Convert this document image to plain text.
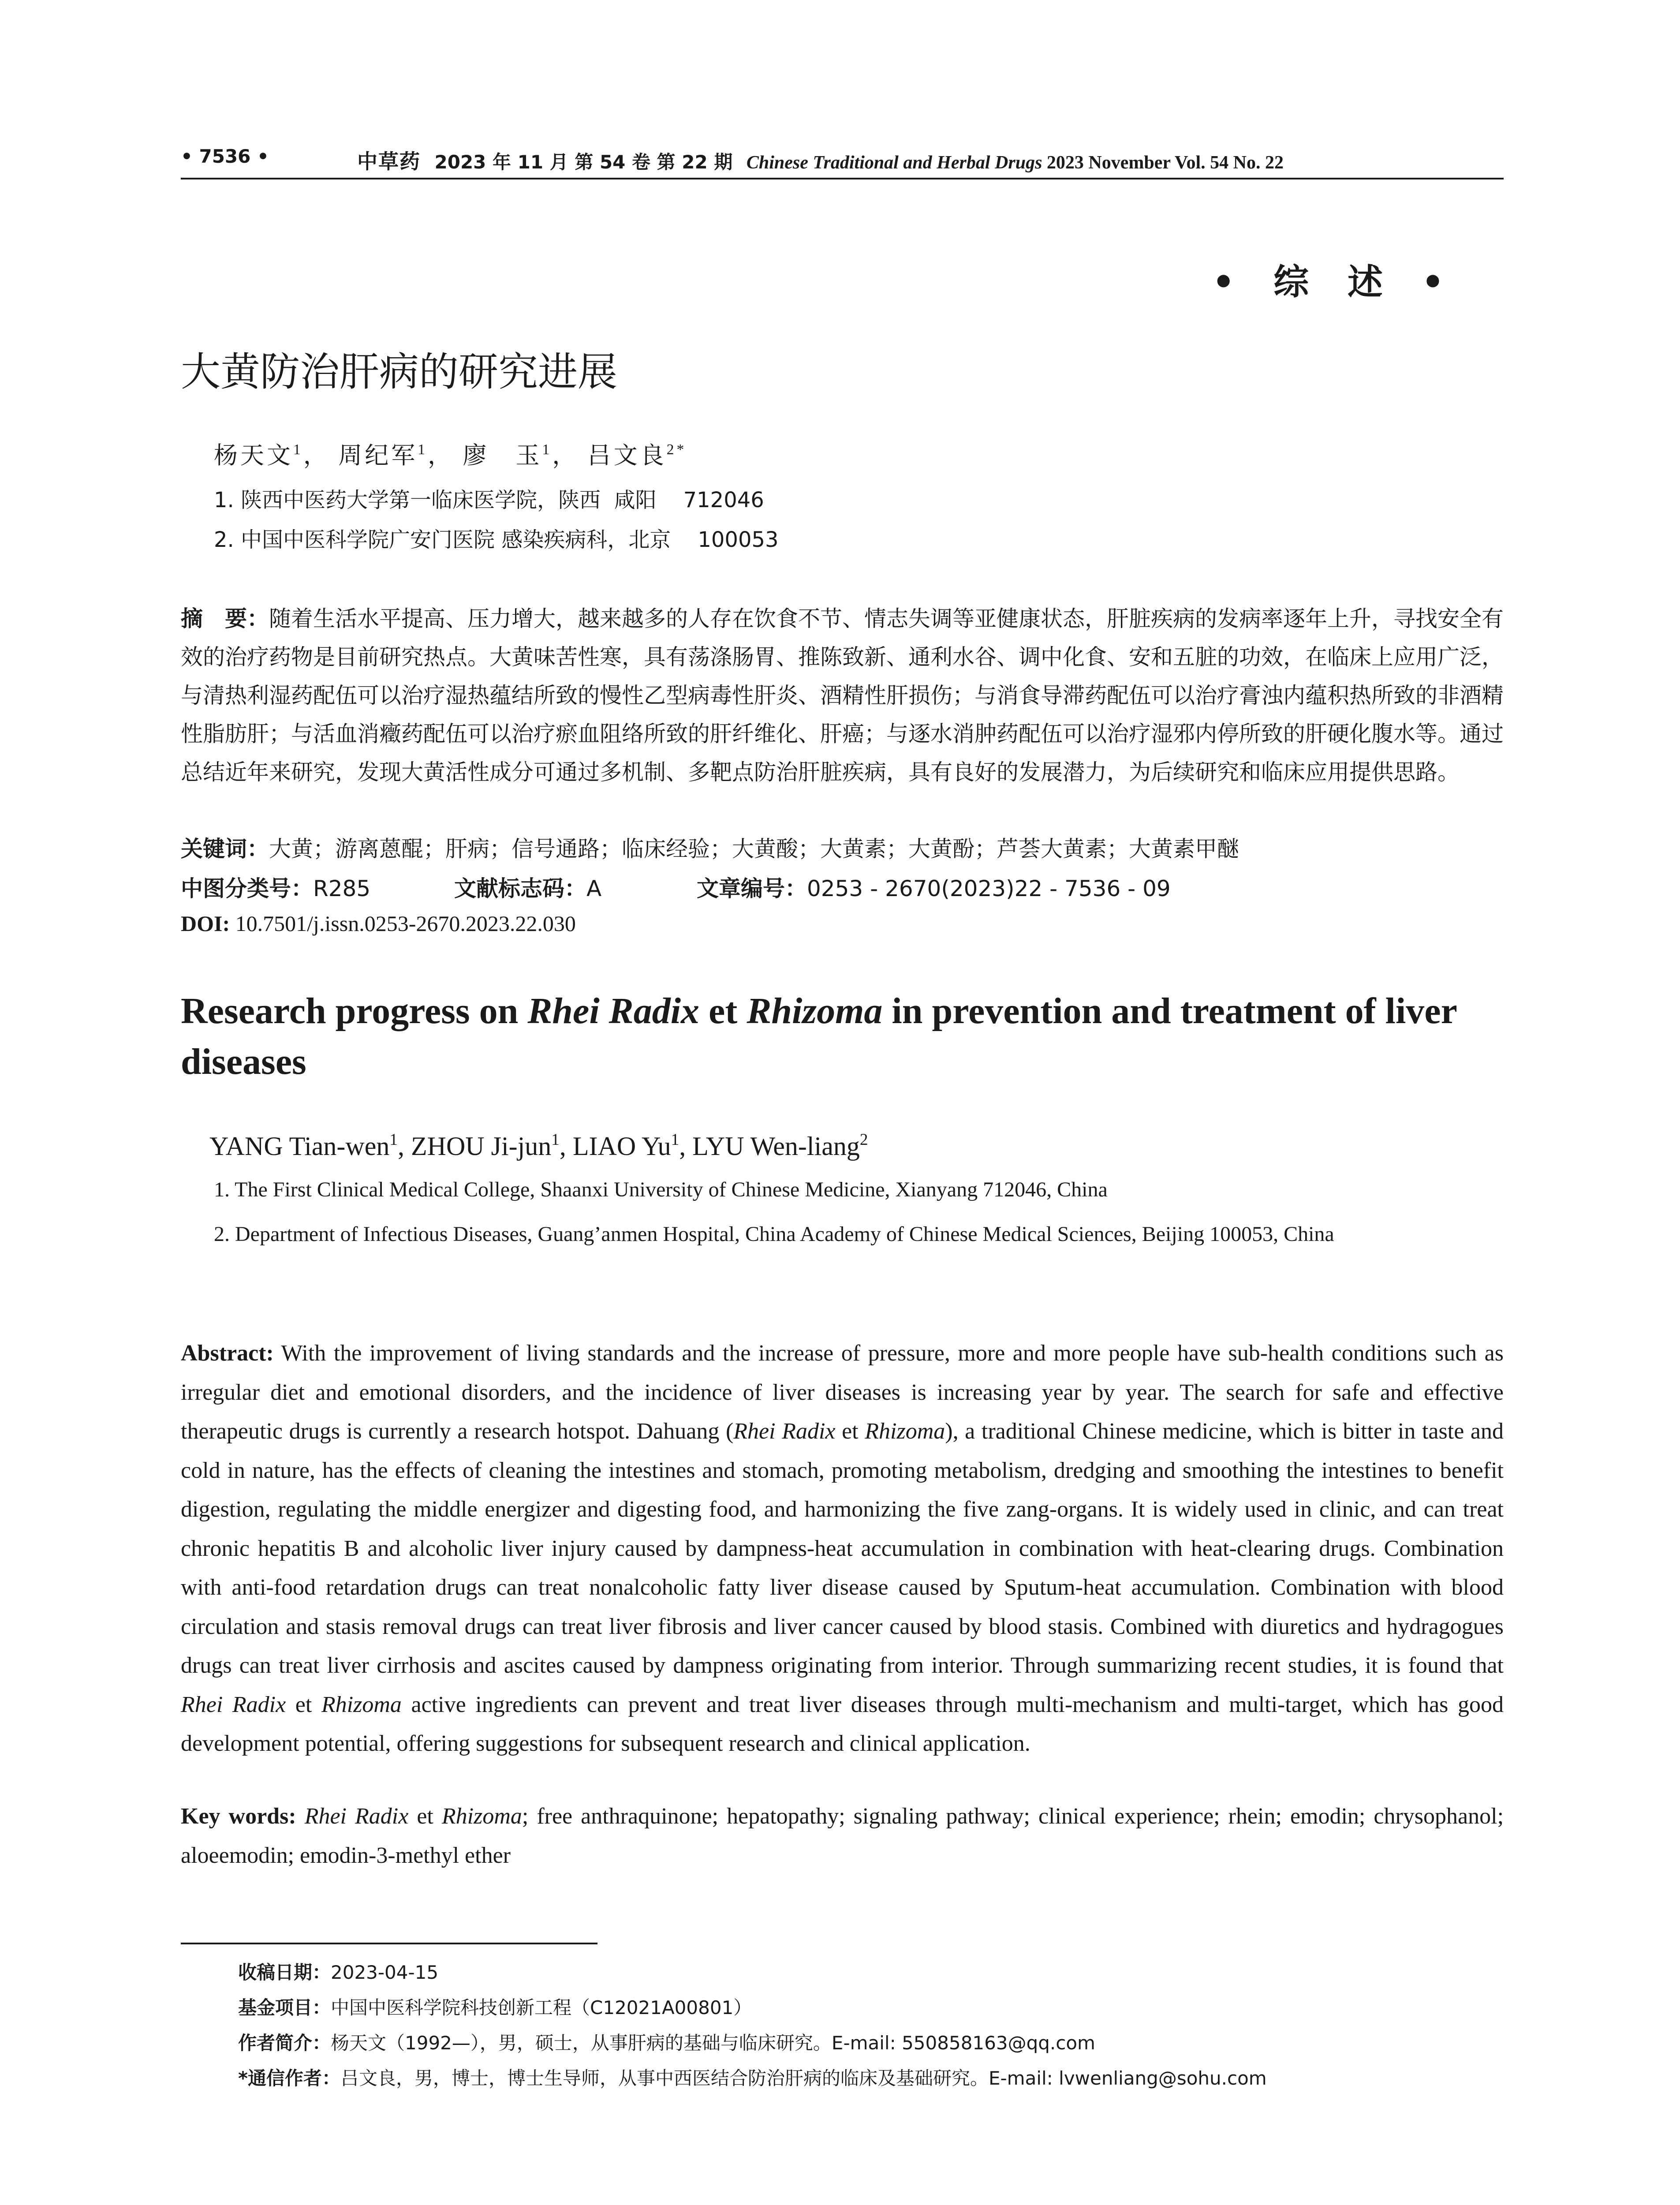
• 7536 •	中草药 2023 年 11 月 第 54 卷 第 22 期 Chinese Traditional and Herbal Drugs 2023 November Vol. 54 No. 22
• 综 述 •
大黄防治肝病的研究进展
杨天文$^1$， 周纪军$^1$， 廖　玉$^1$， 吕文良$^{2*}$
1. 陕西中医药大学第一临床医学院，陕西  咸阳    712046
2. 中国中医科学院广安门医院 感染疾病科，北京    100053
摘　要：随着生活水平提高、压力增大，越来越多的人存在饮食不节、情志失调等亚健康状态，肝脏疾病的发病率逐年上升，寻找安全有效的治疗药物是目前研究热点。大黄味苦性寒，具有荡涤肠胃、推陈致新、通利水谷、调中化食、安和五脏的功效，在临床上应用广泛，与清热利湿药配伍可以治疗湿热蕴结所致的慢性乙型病毒性肝炎、酒精性肝损伤；与消食导滞药配伍可以治疗膏浊内蕴积热所致的非酒精性脂肪肝；与活血消癥药配伍可以治疗瘀血阻络所致的肝纤维化、肝癌；与逐水消肿药配伍可以治疗湿邪内停所致的肝硬化腹水等。通过总结近年来研究，发现大黄活性成分可通过多机制、多靶点防治肝脏疾病，具有良好的发展潜力，为后续研究和临床应用提供思路。
关键词：大黄；游离蒽醌；肝病；信号通路；临床经验；大黄酸；大黄素；大黄酚；芦荟大黄素；大黄素甲醚
中图分类号：R285	文献标志码：A	文章编号：0253 - 2670(2023)22 - 7536 - 09
DOI: 10.7501/j.issn.0253-2670.2023.22.030
Research progress on Rhei Radix et Rhizoma in prevention and treatment of liver diseases
YANG Tian-wen$^1$, ZHOU Ji-jun$^1$, LIAO Yu$^1$, LYU Wen-liang$^2$
1. The First Clinical Medical College, Shaanxi University of Chinese Medicine, Xianyang 712046, China
2. Department of Infectious Diseases, Guang’anmen Hospital, China Academy of Chinese Medical Sciences, Beijing 100053, China
Abstract: With the improvement of living standards and the increase of pressure, more and more people have sub-health conditions such as irregular diet and emotional disorders, and the incidence of liver diseases is increasing year by year. The search for safe and effective therapeutic drugs is currently a research hotspot. Dahuang (Rhei Radix et Rhizoma), a traditional Chinese medicine, which is bitter in taste and cold in nature, has the effects of cleaning the intestines and stomach, promoting metabolism, dredging and smoothing the intestines to benefit digestion, regulating the middle energizer and digesting food, and harmonizing the five zang-organs. It is widely used in clinic, and can treat chronic hepatitis B and alcoholic liver injury caused by dampness-heat accumulation in combination with heat-clearing drugs. Combination with anti-food retardation drugs can treat nonalcoholic fatty liver disease caused by Sputum-heat accumulation. Combination with blood circulation and stasis removal drugs can treat liver fibrosis and liver cancer caused by blood stasis. Combined with diuretics and hydragogues drugs can treat liver cirrhosis and ascites caused by dampness originating from interior. Through summarizing recent studies, it is found that Rhei Radix et Rhizoma active ingredients can prevent and treat liver diseases through multi-mechanism and multi-target, which has good development potential, offering suggestions for subsequent research and clinical application.
Key words: Rhei Radix et Rhizoma; free anthraquinone; hepatopathy; signaling pathway; clinical experience; rhein; emodin; chrysophanol; aloeemodin; emodin-3-methyl ether
收稿日期：2023-04-15
基金项目：中国中医科学院科技创新工程（C12021A00801）
作者简介：杨天文（1992—），男，硕士，从事肝病的基础与临床研究。E-mail: 550858163@qq.com
*通信作者：吕文良，男，博士，博士生导师，从事中西医结合防治肝病的临床及基础研究。E-mail: lvwenliang@sohu.com
